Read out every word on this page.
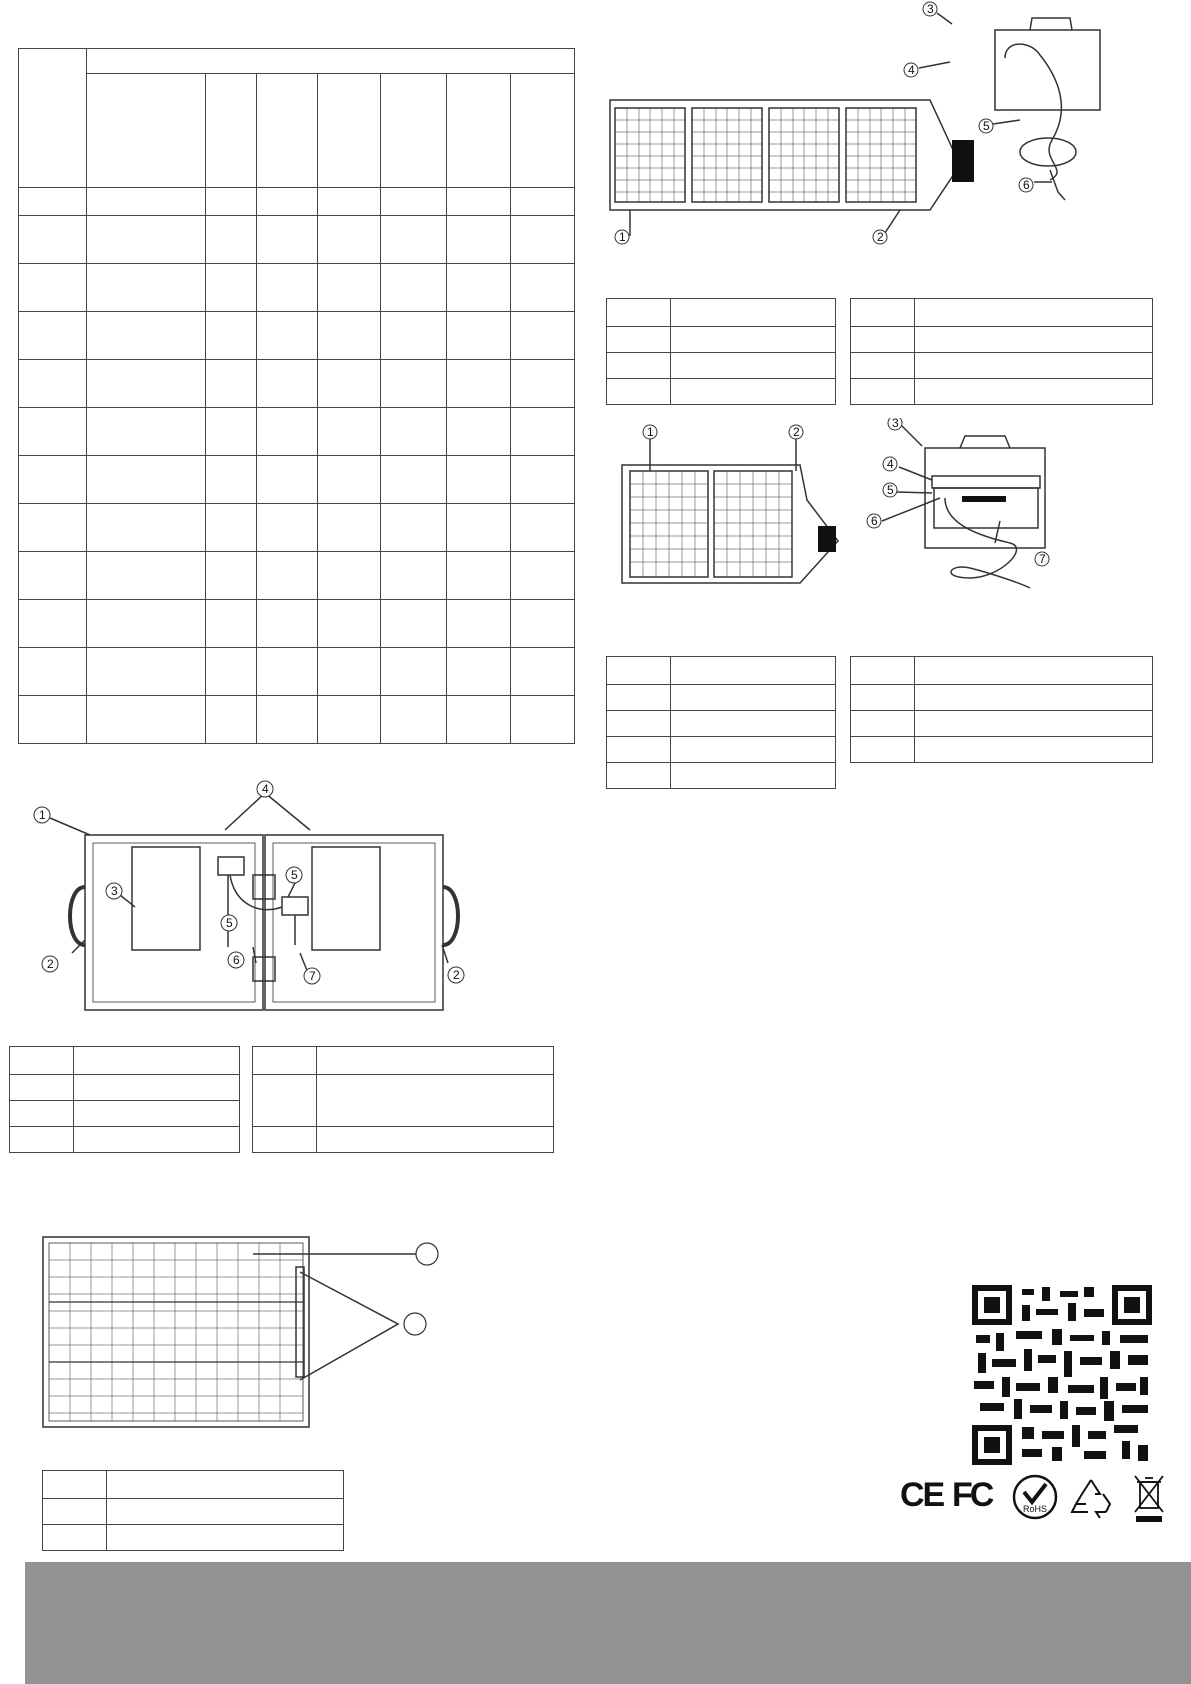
1	2
3
4
5
6

1	2
3
4
5
6
7

1
2
2
3
4
5
5
6
7

CE FC	RoHS
